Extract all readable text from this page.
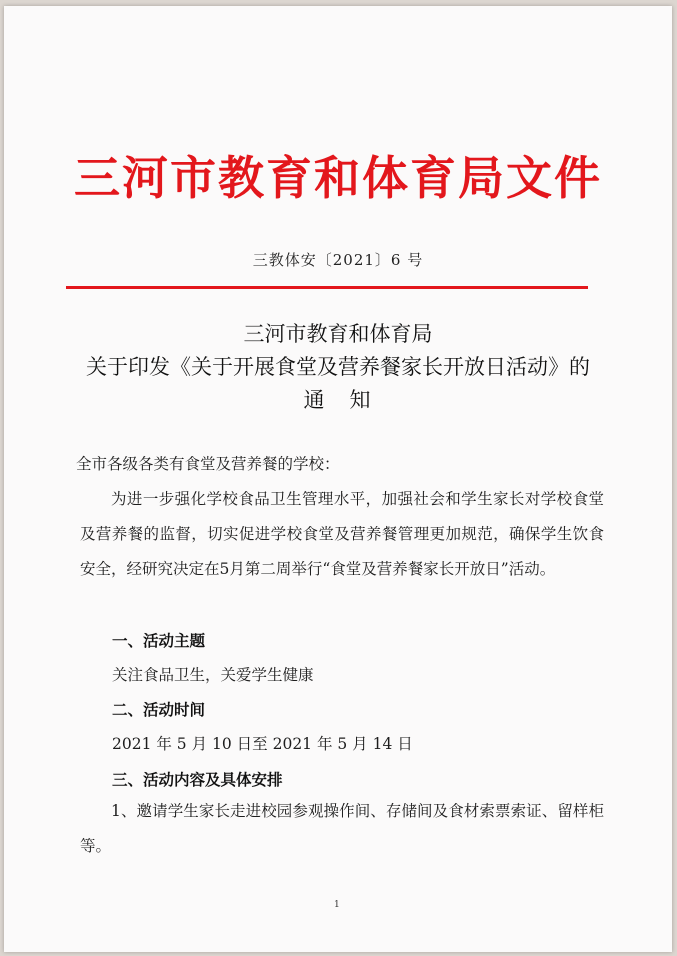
三河市教育和体育局文件
三教体安〔2021〕6 号
三河市教育和体育局
关于印发《关于开展食堂及营养餐家长开放日活动》的
通　知
全市各级各类有食堂及营养餐的学校：
为进一步强化学校食品卫生管理水平，加强社会和学生家长对学校食堂及营养餐的监督，切实促进学校食堂及营养餐管理更加规范，确保学生饮食安全，经研究决定在5月第二周举行“食堂及营养餐家长开放日”活动。
一、活动主题
关注食品卫生，关爱学生健康
二、活动时间
2021 年 5 月 10 日至 2021 年 5 月 14 日
三、活动内容及具体安排
1、邀请学生家长走进校园参观操作间、存储间及食材索票索证、留样柜等。
1
